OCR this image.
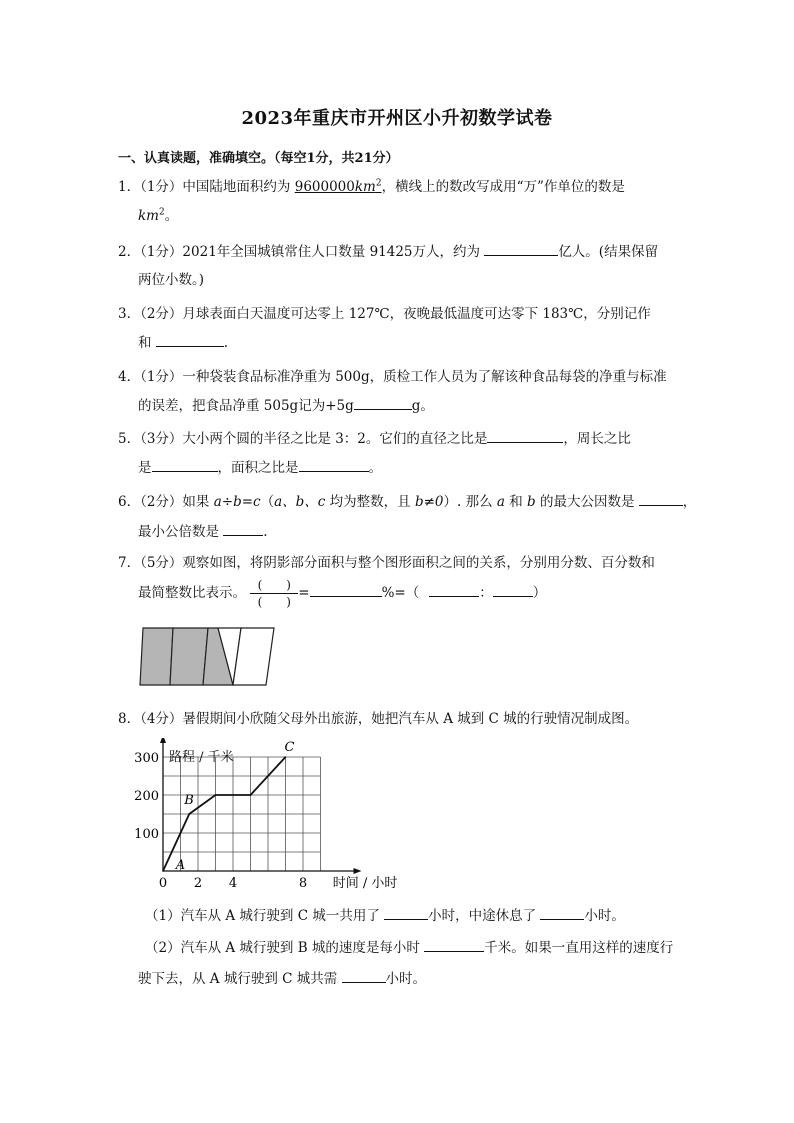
2023年重庆市开州区小升初数学试卷
一、认真读题，准确填空。（每空1分，共21分）
1．（1分）中国陆地面积约为 $9600000km^2$，横线上的数改写成用“万”作单位的数是
$km^2$。
2．（1分）2021年全国城镇常住人口数量 91425万人，约为	亿人。(结果保留
两位小数。)
3．（2分）月球表面白天温度可达零上 127℃，夜晚最低温度可达零下 183℃，分别记作
和	.
4．（1分）一种袋装食品标准净重为 500g，质检工作人员为了解该种食品每袋的净重与标准
的误差，把食品净重 505g记为+5g	g。
5．（3分）大小两个圆的半径之比是 3：2。它们的直径之比是	，周长之比
是	，面积之比是	。
6．（2分）如果 a÷b=c（a、b、c 均为整数，且 b≠0）. 那么 a 和 b 的最大公因数是	，
最小公倍数是	.
7．（5分）观察如图，将阴影部分面积与整个图形面积之间的关系，分别用分数、百分数和
最简整数比表示。 $\frac{( )}{( )}=$	%=（	：	）
8．（4分）暑假期间小欣随父母外出旅游，她把汽车从 A 城到 C 城的行驶情况制成图。
0 2 4	8
100
200
300 路程 / 千米
时间 / 小时
A
B
C
（1）汽车从 A 城行驶到 C 城一共用了	小时，中途休息了	小时。
（2）汽车从 A 城行驶到 B 城的速度是每小时	千米。如果一直用这样的速度行
驶下去，从 A 城行驶到 C 城共需	小时。
